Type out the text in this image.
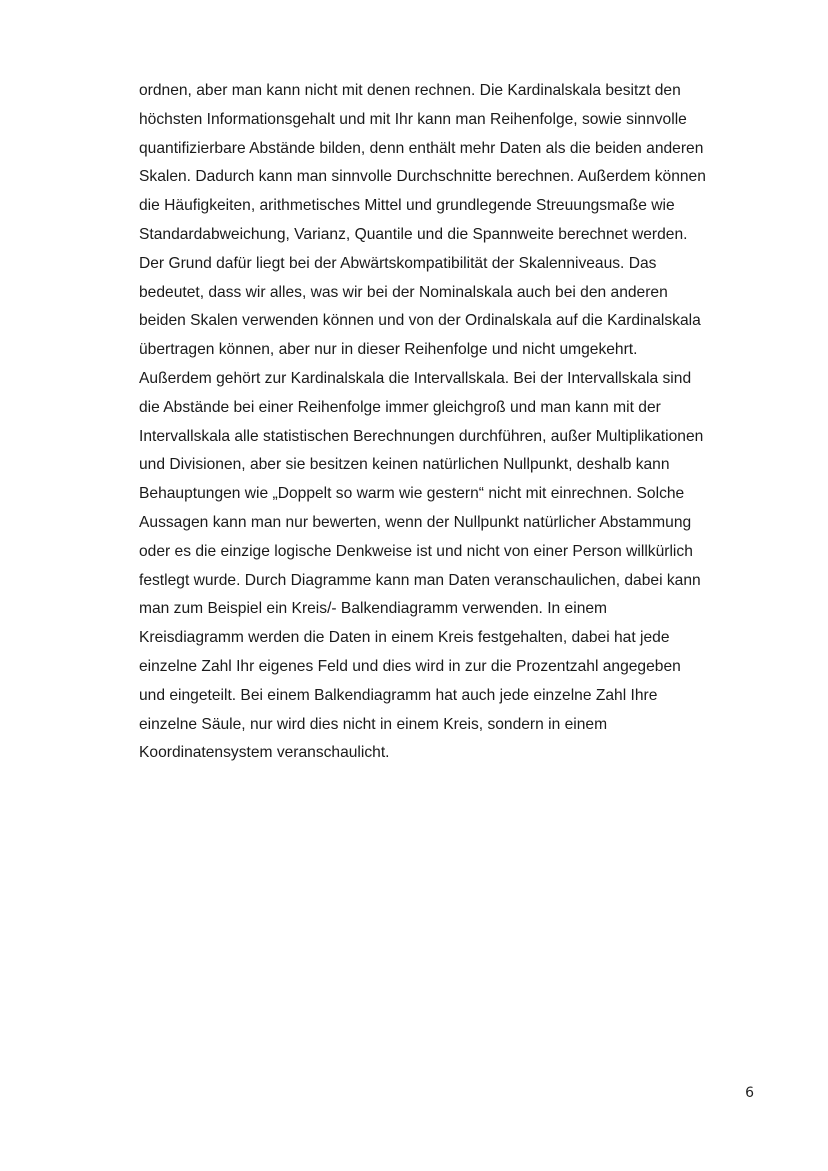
ordnen, aber man kann nicht mit denen rechnen. Die Kardinalskala besitzt den
höchsten Informationsgehalt und mit Ihr kann man Reihenfolge, sowie sinnvolle
quantifizierbare Abstände bilden, denn enthält mehr Daten als die beiden anderen
Skalen. Dadurch kann man sinnvolle Durchschnitte berechnen. Außerdem können
die Häufigkeiten, arithmetisches Mittel und grundlegende Streuungsmaße wie
Standardabweichung, Varianz, Quantile und die Spannweite berechnet werden.
Der Grund dafür liegt bei der Abwärtskompatibilität der Skalenniveaus. Das
bedeutet, dass wir alles, was wir bei der Nominalskala auch bei den anderen
beiden Skalen verwenden können und von der Ordinalskala auf die Kardinalskala
übertragen können, aber nur in dieser Reihenfolge und nicht umgekehrt.
Außerdem gehört zur Kardinalskala die Intervallskala. Bei der Intervallskala sind
die Abstände bei einer Reihenfolge immer gleichgroß und man kann mit der
Intervallskala alle statistischen Berechnungen durchführen, außer Multiplikationen
und Divisionen, aber sie besitzen keinen natürlichen Nullpunkt, deshalb kann
Behauptungen wie „Doppelt so warm wie gestern“ nicht mit einrechnen. Solche
Aussagen kann man nur bewerten, wenn der Nullpunkt natürlicher Abstammung
oder es die einzige logische Denkweise ist und nicht von einer Person willkürlich
festlegt wurde. Durch Diagramme kann man Daten veranschaulichen, dabei kann
man zum Beispiel ein Kreis/- Balkendiagramm verwenden. In einem
Kreisdiagramm werden die Daten in einem Kreis festgehalten, dabei hat jede
einzelne Zahl Ihr eigenes Feld und dies wird in zur die Prozentzahl angegeben
und eingeteilt. Bei einem Balkendiagramm hat auch jede einzelne Zahl Ihre
einzelne Säule, nur wird dies nicht in einem Kreis, sondern in einem
Koordinatensystem veranschaulicht.

6
